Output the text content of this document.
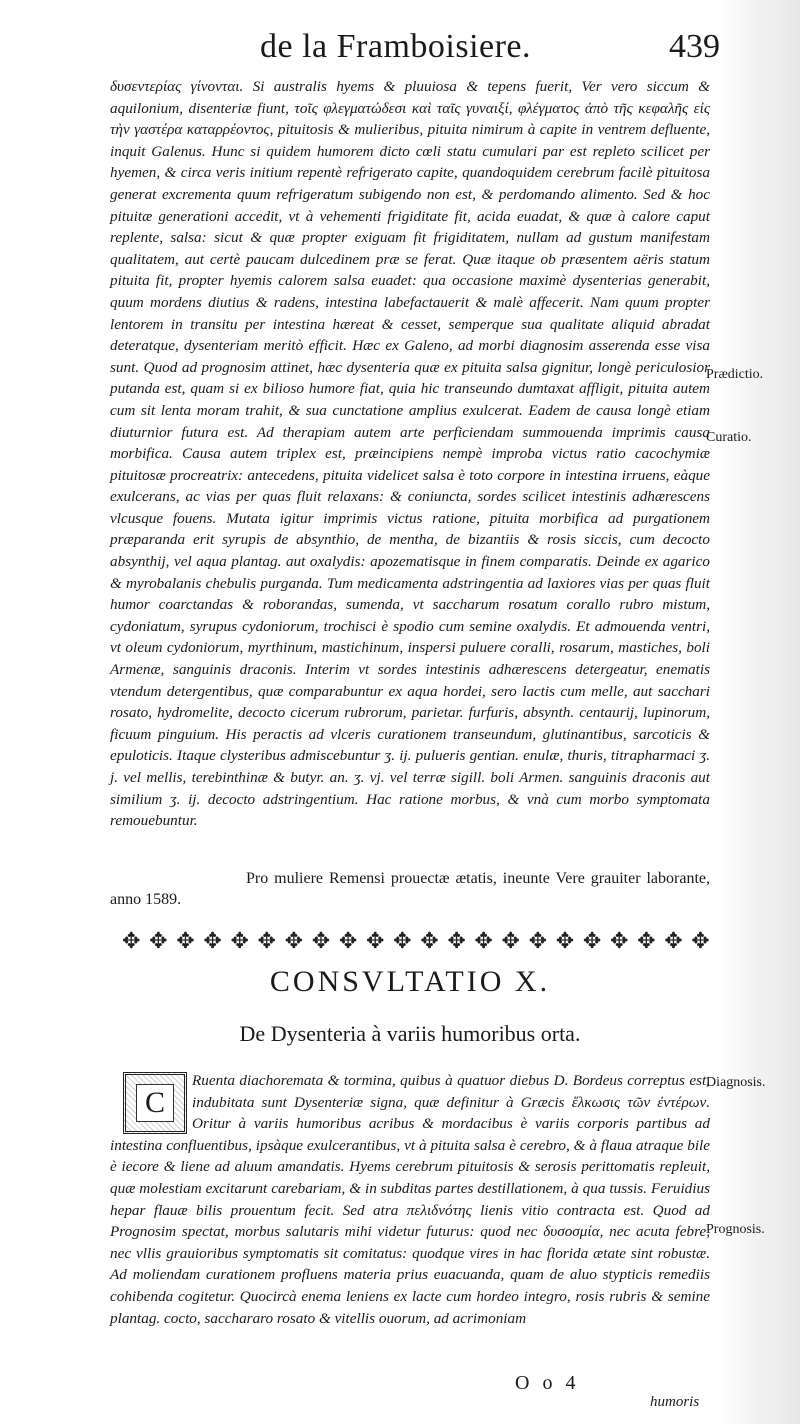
de la Framboisiere.	439

δυσεντερίας γίνονται. Si australis hyems & pluuiosa & tepens fuerit, Ver vero siccum & aquilonium, disenteriæ fiunt, τοῖς φλεγματώδεσι καὶ ταῖς γυναιξί, φλέγματος ἀπὸ τῆς κεφαλῆς εἰς τὴν γαστέρα καταρρέοντος, pituitosis & mulieribus, pituita nimirum à capite in ventrem defluente, inquit Galenus. Hunc si quidem humorem dicto cœli statu cumulari par est repleto scilicet per hyemen, & circa veris initium repentè refrigerato capite, quandoquidem cerebrum facilè pituitosa generat excrementa quum refrigeratum subigendo non est, & perdomando alimento. Sed & hoc pituitæ generationi accedit, vt à vehementi frigiditate fit, acida euadat, & quæ à calore caput replente, salsa: sicut & quæ propter exiguam fit frigiditatem, nullam ad gustum manifestam qualitatem, aut certè paucam dulcedinem præ se ferat. Quæ itaque ob præsentem aëris statum pituita fit, propter hyemis calorem salsa euadet: qua occasione maximè dysenterias generabit, quum mordens diutius & radens, intestina labefactauerit & malè affecerit. Nam quum propter lentorem in transitu per intestina hæreat & cesset, semperque sua qualitate aliquid abradat deteratque, dysenteriam meritò efficit. Hæc ex Galeno, ad morbi diagnosim asserenda esse visa sunt. Quod ad prognosim attinet, hæc dysenteria quæ ex pituita salsa gignitur, longè periculosior putanda est, quam si ex bilioso humore fiat, quia hic transeundo dumtaxat affligit, pituita autem cum sit lenta moram trahit, & sua cunctatione amplius exulcerat. Eadem de causa longè etiam diuturnior futura est. Ad therapiam autem arte perficiendam summouenda imprimis causa morbifica. Causa autem triplex est, præincipiens nempè improba victus ratio cacochymiæ pituitosæ procreatrix: antecedens, pituita videlicet salsa è toto corpore in intestina irruens, eàque exulcerans, ac vias per quas fluit relaxans: & coniuncta, sordes scilicet intestinis adhærescens vlcusque fouens. Mutata igitur imprimis victus ratione, pituita morbifica ad purgationem præparanda erit syrupis de absynthio, de mentha, de bizantiis & rosis siccis, cum decocto absynthij, vel aqua plantag. aut oxalydis: apozematisque in finem comparatis. Deinde ex agarico & myrobalanis chebulis purganda. Tum medicamenta adstringentia ad laxiores vias per quas fluit humor coarctandas & roborandas, sumenda, vt saccharum rosatum corallo rubro mistum, cydoniatum, syrupus cydoniorum, trochisci è spodio cum semine oxalydis. Et admouenda ventri, vt oleum cydoniorum, myrthinum, mastichinum, inspersi puluere coralli, rosarum, mastiches, boli Armenæ, sanguinis draconis. Interim vt sordes intestinis adhærescens detergeatur, enematis vtendum detergentibus, quæ comparabuntur ex aqua hordei, sero lactis cum melle, aut sacchari rosato, hydromelite, decocto cicerum rubrorum, parietar. furfuris, absynth. centaurij, lupinorum, ficuum pinguium. His peractis ad vlceris curationem transeundum, glutinantibus, sarcoticis & epuloticis. Itaque clysteribus admiscebuntur ʒ. ij. pulueris gentian. enulæ, thuris, titrapharmaci ʒ. j. vel mellis, terebinthinæ & butyr. an. ʒ. vj. vel terræ sigill. boli Armen. sanguinis draconis aut similium ʒ. ij. decocto adstringentium. Hac ratione morbus, & vnà cum morbo symptomata remouebuntur.

Prædictio.
Curatio.
Pro muliere Remensi prouectæ ætatis, ineunte Vere grauiter laborante, anno 1589.
✥ ✥ ✥ ✥ ✥ ✥ ✥ ✥ ✥ ✥ ✥ ✥ ✥ ✥ ✥ ✥ ✥ ✥ ✥ ✥ ✥ ✥
CONSVLTATIO X.
De Dysenteria à variis humoribus orta.

Ruenta diachoremata & tormina, quibus à quatuor diebus D. Bordeus correptus est, indubitata sunt Dysenteriæ signa, quæ definitur à Græcis ἕλκωσις τῶν ἐντέρων. Oritur à variis humoribus acribus & mordacibus è variis corporis partibus ad intestina confluentibus, ipsàque exulcerantibus, vt à pituita salsa è cerebro, & à flaua atraque bile è iecore & liene ad aluum amandatis. Hyems cerebrum pituitosis & serosis perittomatis repleuit, quæ molestiam excitarunt carebariam, & in subditas partes destillationem, à qua tussis. Feruidius hepar flauæ bilis prouentum fecit. Sed atra πελιδνότης lienis vitio contracta est. Quod ad Prognosim spectat, morbus salutaris mihi videtur futurus: quod nec δυσοσμία, nec acuta febre, nec vllis grauioribus symptomatis sit comitatus: quodque vires in hac florida ætate sint robustæ. Ad moliendam curationem profluens materia prius euacuanda, quam de aluo stypticis remediis cohibenda cogitetur. Quocircà enema leniens ex lacte cum hordeo integro, rosis rubris & semine plantag. cocto, sacchararo rosato & vitellis ouorum, ad acrimoniam

C
Diagnosis.
Prognosis.
O o 4
humoris
